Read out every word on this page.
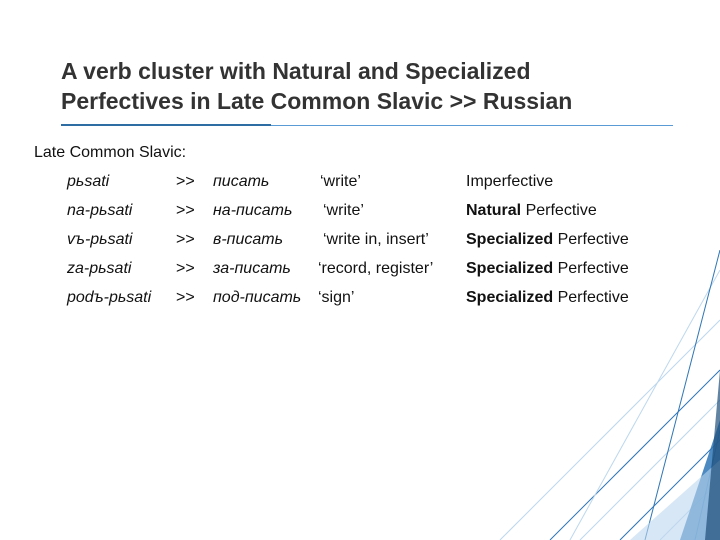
A verb cluster with Natural and Specialized
Perfectives in Late Common Slavic >> Russian
Late Common Slavic:
pьsati	>> писать	‘write’	Imperfective
na-pьsati	>> на-писать ‘write’	Natural Perfective
vъ-pьsati	>> в-писать ‘write in, insert’ Specialized Perfective
za-pьsati	>> за-писать ‘record, register’ Specialized Perfective
podъ-pьsati >> под-писать ‘sign’	Specialized Perfective
